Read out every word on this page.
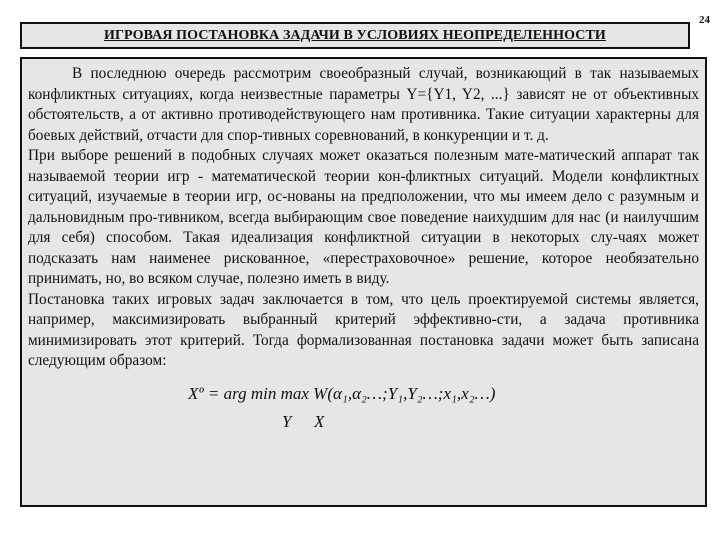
24
ИГРОВАЯ ПОСТАНОВКА ЗАДАЧИ В УСЛОВИЯХ НЕОПРЕДЕЛЕННОСТИ

В последнюю очередь рассмотрим своеобразный случай, возникающий в так называемых конфликтных ситуациях, когда неизвестные параметры Y={Y1, Y2, ...} зависят не от объективных обстоятельств, а от активно противодействующего нам противника. Такие ситуации характерны для боевых действий, отчасти для спор-тивных соревнований, в конкуренции и т. д.

При выборе решений в подобных случаях может оказаться полезным мате-матический аппарат так называемой теории игр - математической теории кон-фликтных ситуаций. Модели конфликтных ситуаций, изучаемые в теории игр, ос-нованы на предположении, что мы имеем дело с разумным и дальновидным про-тивником, всегда выбирающим свое поведение наихудшим для нас (и наилучшим для себя) способом. Такая идеализация конфликтной ситуации в некоторых слу-чаях может подсказать нам наименее рискованное, «перестраховочное» решение, которое необязательно принимать, но, во всяком случае, полезно иметь в виду.

Постановка таких игровых задач заключается в том, что цель проектируемой системы является, например, максимизировать выбранный критерий эффективно-сти, а задача противника минимизировать этот критерий. Тогда формализованная постановка задачи может быть записана следующим образом:

Xº = arg min max W(α₁,α₂…;Y₁,Y₂…;x₁,x₂…)
Y X
